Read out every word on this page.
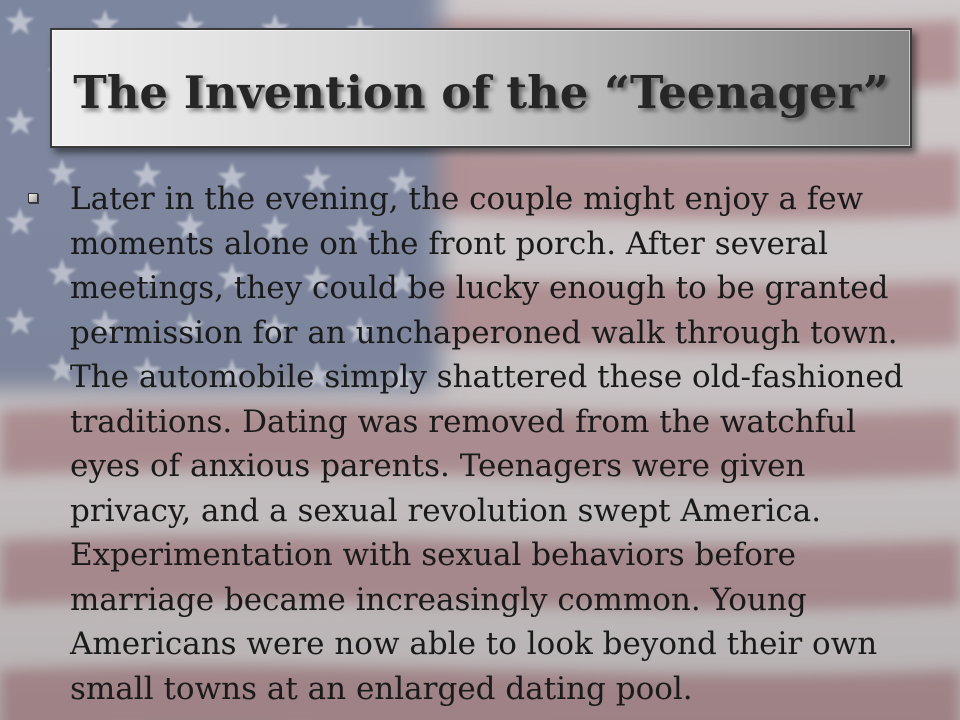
The Invention of the “Teenager”
Later in the evening, the couple might enjoy a few
moments alone on the front porch. After several
meetings, they could be lucky enough to be granted
permission for an unchaperoned walk through town.
The automobile simply shattered these old-fashioned
traditions. Dating was removed from the watchful
eyes of anxious parents. Teenagers were given
privacy, and a sexual revolution swept America.
Experimentation with sexual behaviors before
marriage became increasingly common. Young
Americans were now able to look beyond their own
small towns at an enlarged dating pool.
